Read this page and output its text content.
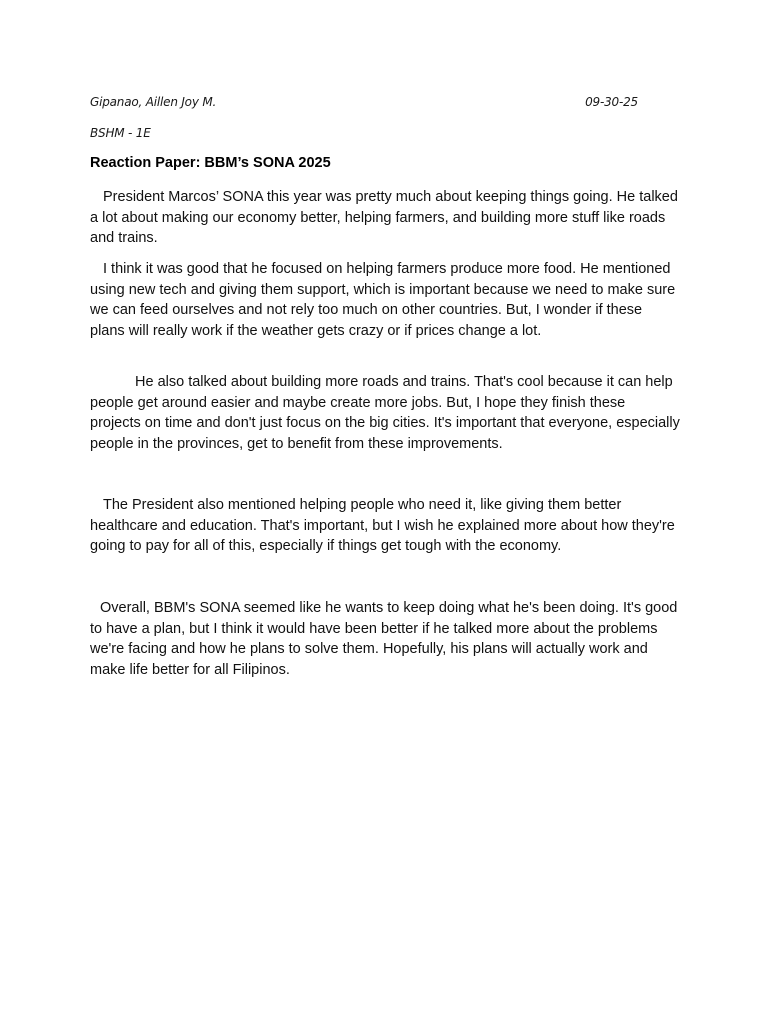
Gipanao, Aillen Joy M.	09-30-25
BSHM - 1E
Reaction Paper: BBM’s SONA 2025

President Marcos’ SONA this year was pretty much about keeping things going. He talked a lot about making our economy better, helping farmers, and building more stuff like roads and trains.

I think it was good that he focused on helping farmers produce more food. He mentioned using new tech and giving them support, which is important because we need to make sure we can feed ourselves and not rely too much on other countries. But, I wonder if these plans will really work if the weather gets crazy or if prices change a lot.

He also talked about building more roads and trains. That's cool because it can help people get around easier and maybe create more jobs. But, I hope they finish these projects on time and don't just focus on the big cities. It's important that everyone, especially people in the provinces, get to benefit from these improvements.

The President also mentioned helping people who need it, like giving them better healthcare and education. That's important, but I wish he explained more about how they're going to pay for all of this, especially if things get tough with the economy.

Overall, BBM's SONA seemed like he wants to keep doing what he's been doing. It's good to have a plan, but I think it would have been better if he talked more about the problems we're facing and how he plans to solve them. Hopefully, his plans will actually work and make life better for all Filipinos.
